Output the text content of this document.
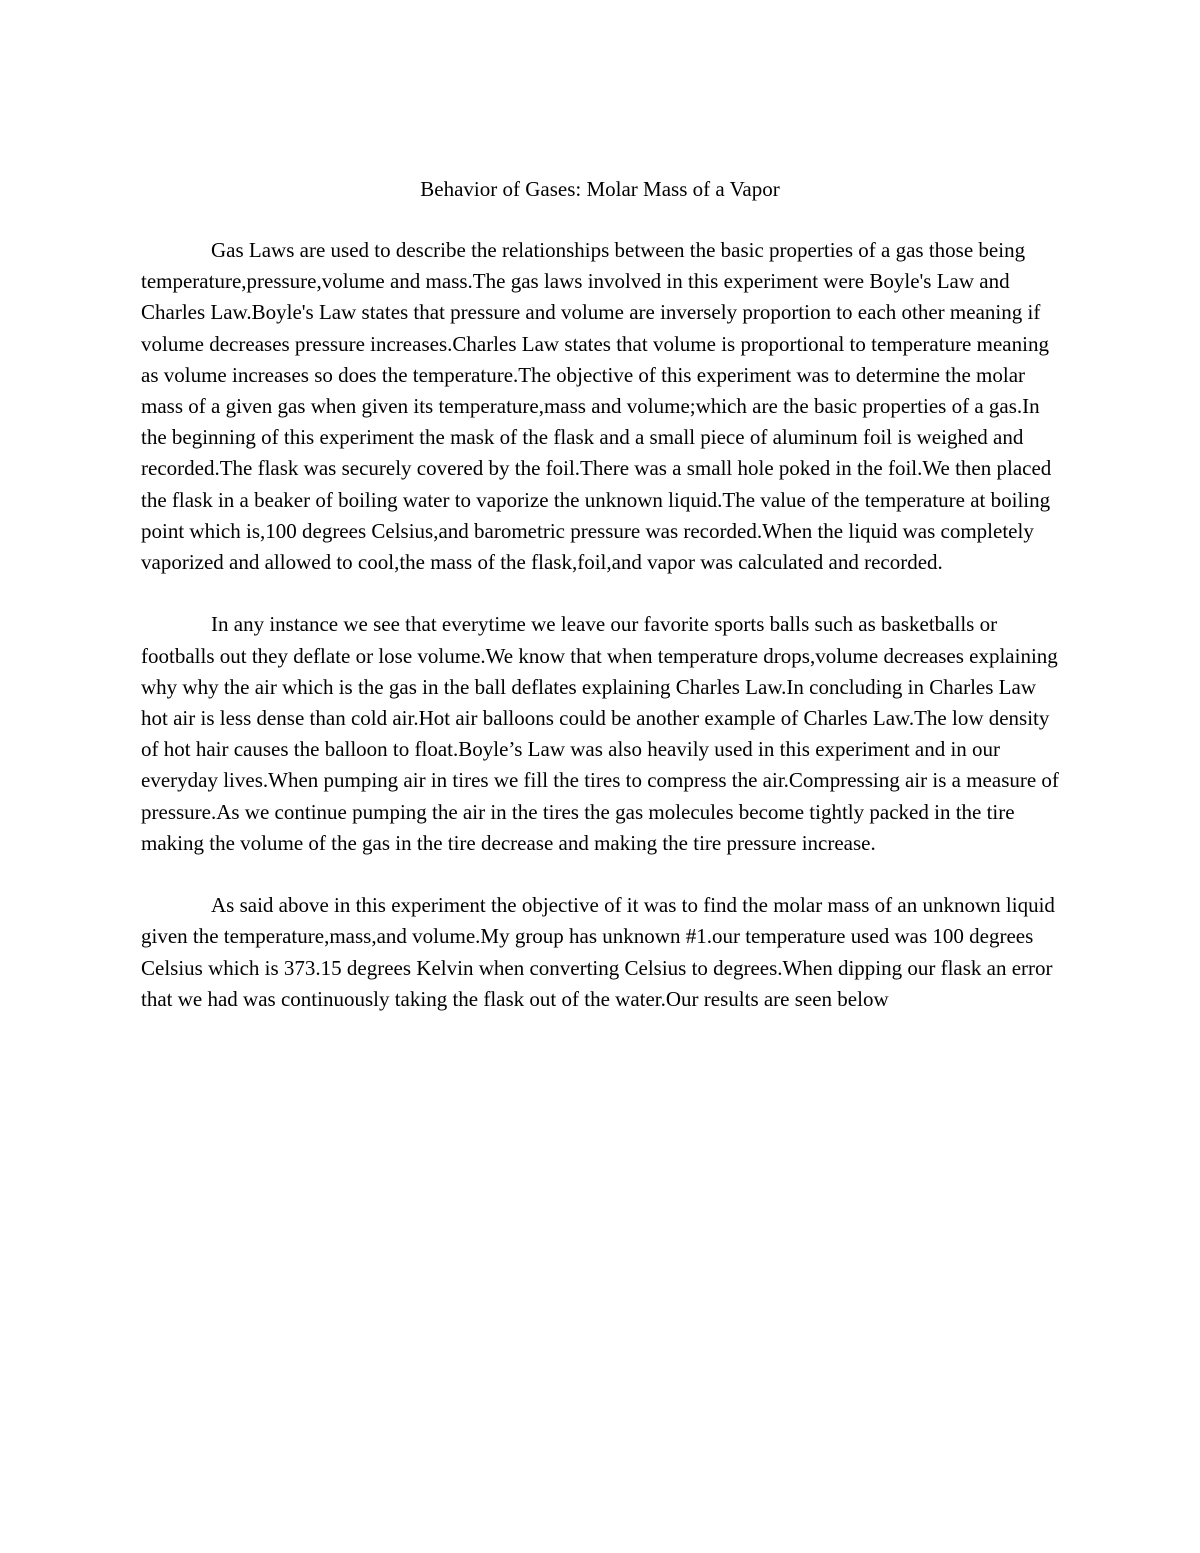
Behavior of Gases: Molar Mass of a Vapor

Gas Laws are used to describe the relationships between the basic properties of a gas those being temperature,pressure,volume and mass.The gas laws involved in this experiment were Boyle's Law and Charles Law.Boyle's Law states that pressure and volume are inversely proportion to each other meaning if volume decreases pressure increases.Charles Law states that volume is proportional to temperature meaning as volume increases so does the temperature.The objective of this experiment was to determine the molar mass of a given gas when given its temperature,mass and volume;which are the basic properties of a gas.In the beginning of this experiment the mask of the flask and a small piece of aluminum foil is weighed and recorded.The flask was securely covered by the foil.There was a small hole poked in the foil.We then placed the flask in a beaker of boiling water to vaporize the unknown liquid.The value of the temperature at boiling point which is,100 degrees Celsius,and barometric pressure was recorded.When the liquid was completely vaporized and allowed to cool,the mass of the flask,foil,and vapor was calculated and recorded.

In any instance we see that everytime we leave our favorite sports balls such as basketballs or footballs out they deflate or lose volume.We know that when temperature drops,volume decreases explaining why why the air which is the gas in the ball deflates explaining Charles Law.In concluding in Charles Law hot air is less dense than cold air.Hot air balloons could be another example of Charles Law.The low density of hot hair causes the balloon to float.Boyle’s Law was also heavily used in this experiment and in our everyday lives.When pumping air in tires we fill the tires to compress the air.Compressing air is a measure of pressure.As we continue pumping the air in the tires the gas molecules become tightly packed in the tire making the volume of the gas in the tire decrease and making the tire pressure increase.

As said above in this experiment the objective of it was to find the molar mass of an unknown liquid given the temperature,mass,and volume.My group has unknown #1.our temperature used was 100 degrees Celsius which is 373.15 degrees Kelvin when converting Celsius to degrees.When dipping our flask an error that we had was continuously taking the flask out of the water.Our results are seen below
